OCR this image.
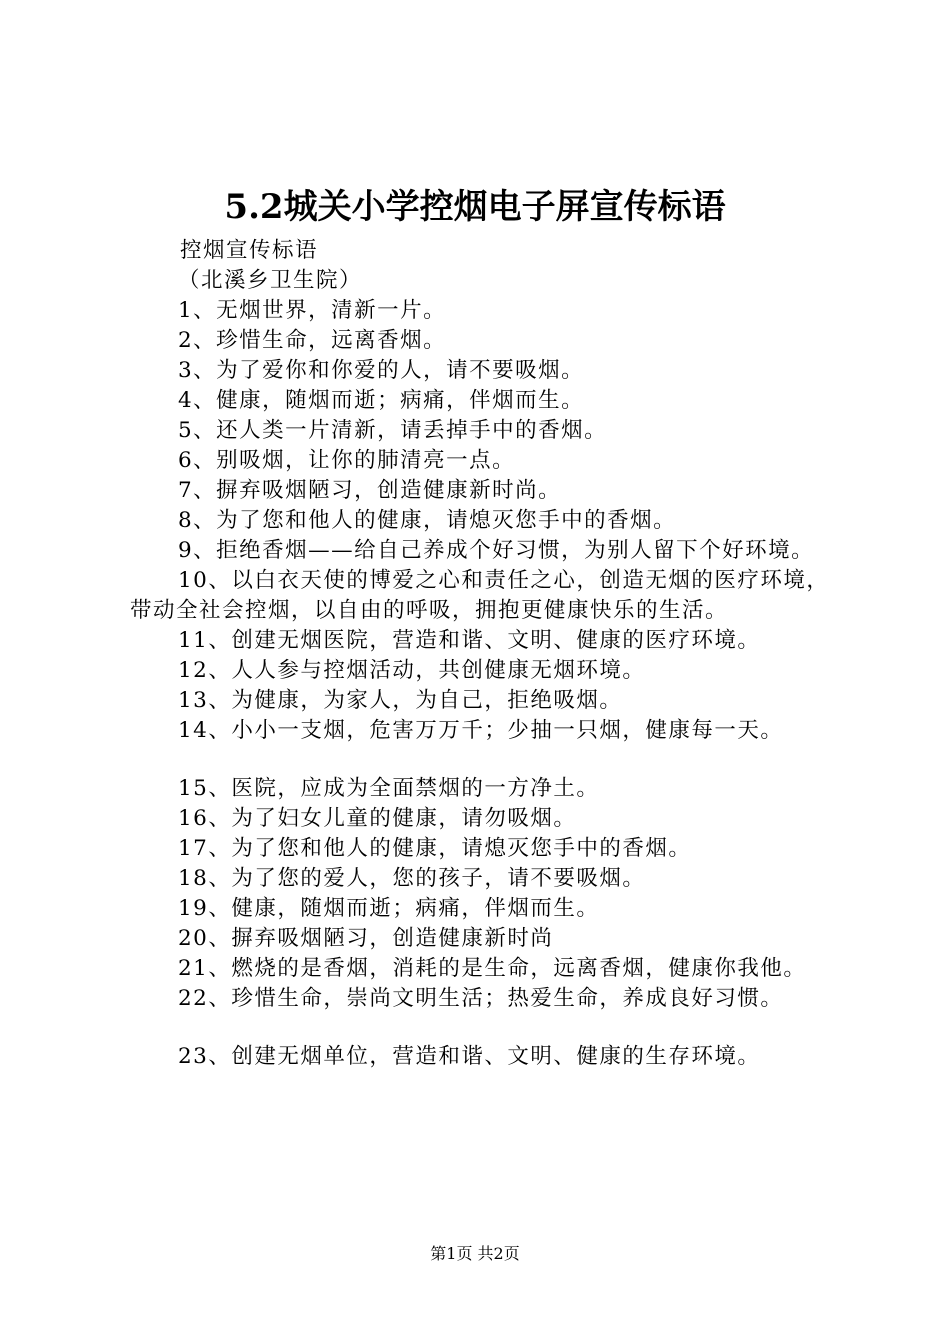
5.2城关小学控烟电子屏宣传标语

控烟宣传标语

（北溪乡卫生院）

1、无烟世界，清新一片。

2、珍惜生命，远离香烟。

3、为了爱你和你爱的人，请不要吸烟。

4、健康，随烟而逝；病痛，伴烟而生。

5、还人类一片清新，请丢掉手中的香烟。

6、别吸烟，让你的肺清亮一点。

7、摒弃吸烟陋习，创造健康新时尚。

8、为了您和他人的健康，请熄灭您手中的香烟。

9、拒绝香烟——给自己养成个好习惯，为别人留下个好环境。

10、以白衣天使的博爱之心和责任之心，创造无烟的医疗环境，带动全社会控烟，以自由的呼吸，拥抱更健康快乐的生活。

11、创建无烟医院，营造和谐、文明、健康的医疗环境。

12、人人参与控烟活动，共创健康无烟环境。

13、为健康，为家人，为自己，拒绝吸烟。

14、小小一支烟，危害万万千；少抽一只烟，健康每一天。

15、医院，应成为全面禁烟的一方净土。

16、为了妇女儿童的健康，请勿吸烟。

17、为了您和他人的健康，请熄灭您手中的香烟。

18、为了您的爱人，您的孩子，请不要吸烟。

19、健康，随烟而逝；病痛，伴烟而生。

20、摒弃吸烟陋习，创造健康新时尚

21、燃烧的是香烟，消耗的是生命，远离香烟，健康你我他。

22、珍惜生命，崇尚文明生活；热爱生命，养成良好习惯。

23、创建无烟单位，营造和谐、文明、健康的生存环境。

第1页 共2页
